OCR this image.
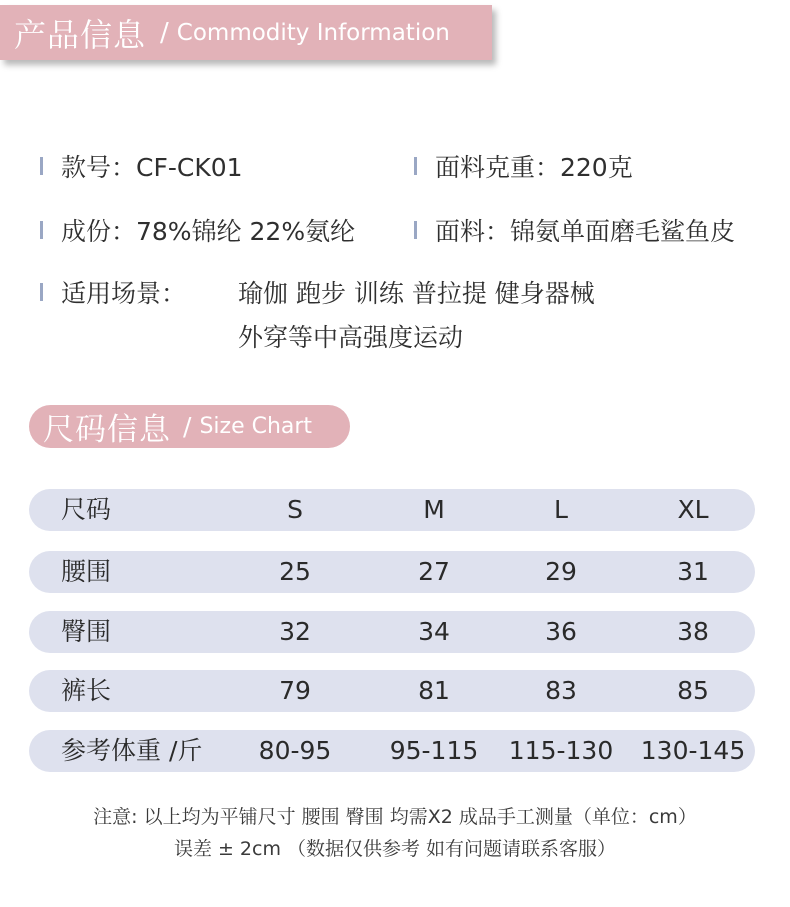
产品信息 / Commodity Information
款号：CF-CK01	面料克重：220克
成份：78%锦纶 22%氨纶	面料：锦氨单面磨毛鲨鱼皮
适用场景： 瑜伽 跑步 训练 普拉提 健身器械
外穿等中高强度运动
尺码信息 / Size Chart
尺码	S	M	L	XL
腰围	25	27	29	31
臀围	32	34	36	38
裤长	79	81	83	85
参考体重 /斤	80-95	95-115	115-130 130-145
注意: 以上均为平铺尺寸 腰围 臀围 均需X2 成品手工测量（单位：cm）
误差 ± 2cm （数据仅供参考 如有问题请联系客服）
